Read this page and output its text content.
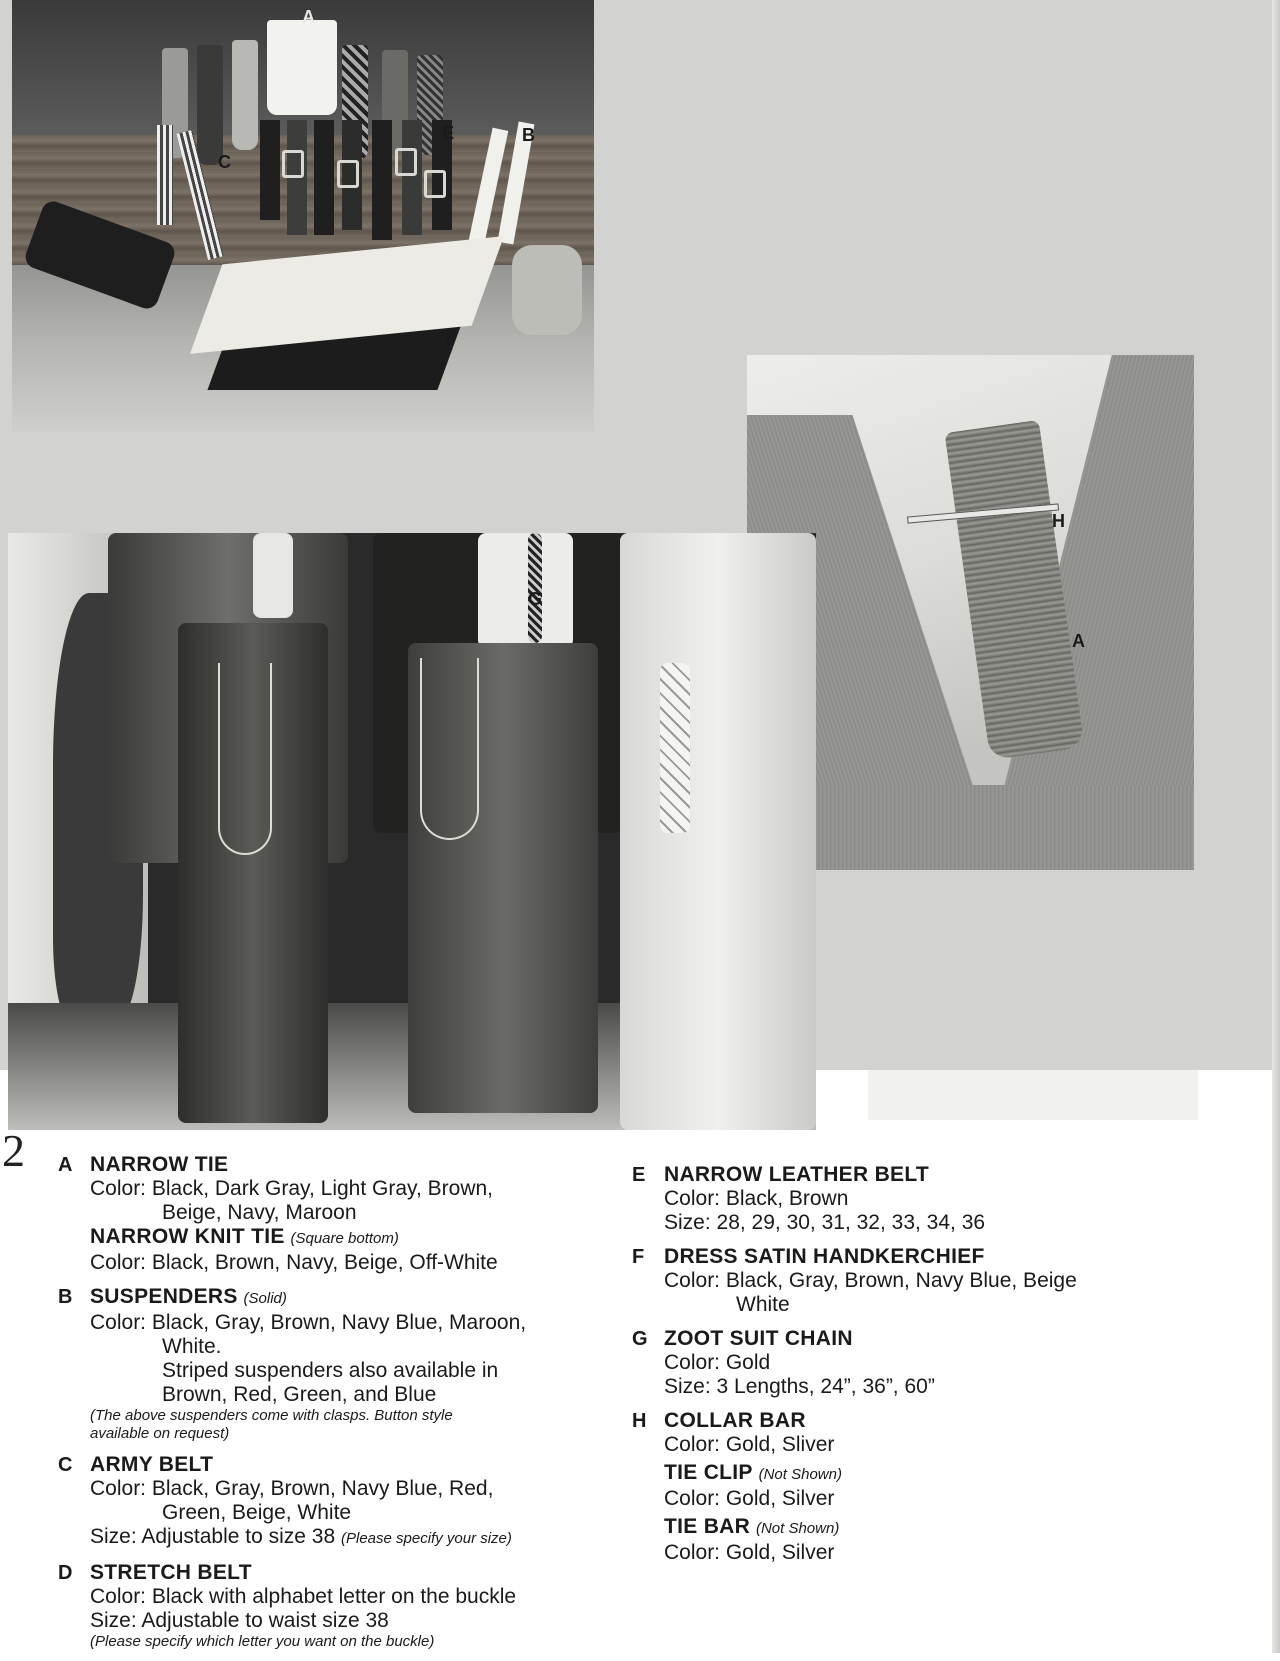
A
B
C
E
F
H
A
G
2 A NARROW TIE
Color: Black, Dark Gray, Light Gray, Brown,
Beige, Navy, Maroon
NARROW KNIT TIE (Square bottom)
Color: Black, Brown, Navy, Beige, Off-White
B SUSPENDERS (Solid)
Color: Black, Gray, Brown, Navy Blue, Maroon,
White.
Striped suspenders also available in
Brown, Red, Green, and Blue
(The above suspenders come with clasps. Button style
available on request)
C ARMY BELT
Color: Black, Gray, Brown, Navy Blue, Red,
Green, Beige, White
Size: Adjustable to size 38 (Please specify your size)
D STRETCH BELT
Color: Black with alphabet letter on the buckle
Size: Adjustable to waist size 38
(Please specify which letter you want on the buckle)
E NARROW LEATHER BELT
Color: Black, Brown
Size: 28, 29, 30, 31, 32, 33, 34, 36
F DRESS SATIN HANDKERCHIEF
Color: Black, Gray, Brown, Navy Blue, Beige
White
G ZOOT SUIT CHAIN
Color: Gold
Size: 3 Lengths, 24”, 36”, 60”
H COLLAR BAR
Color: Gold, Sliver
TIE CLIP (Not Shown)
Color: Gold, Silver
TIE BAR (Not Shown)
Color: Gold, Silver
